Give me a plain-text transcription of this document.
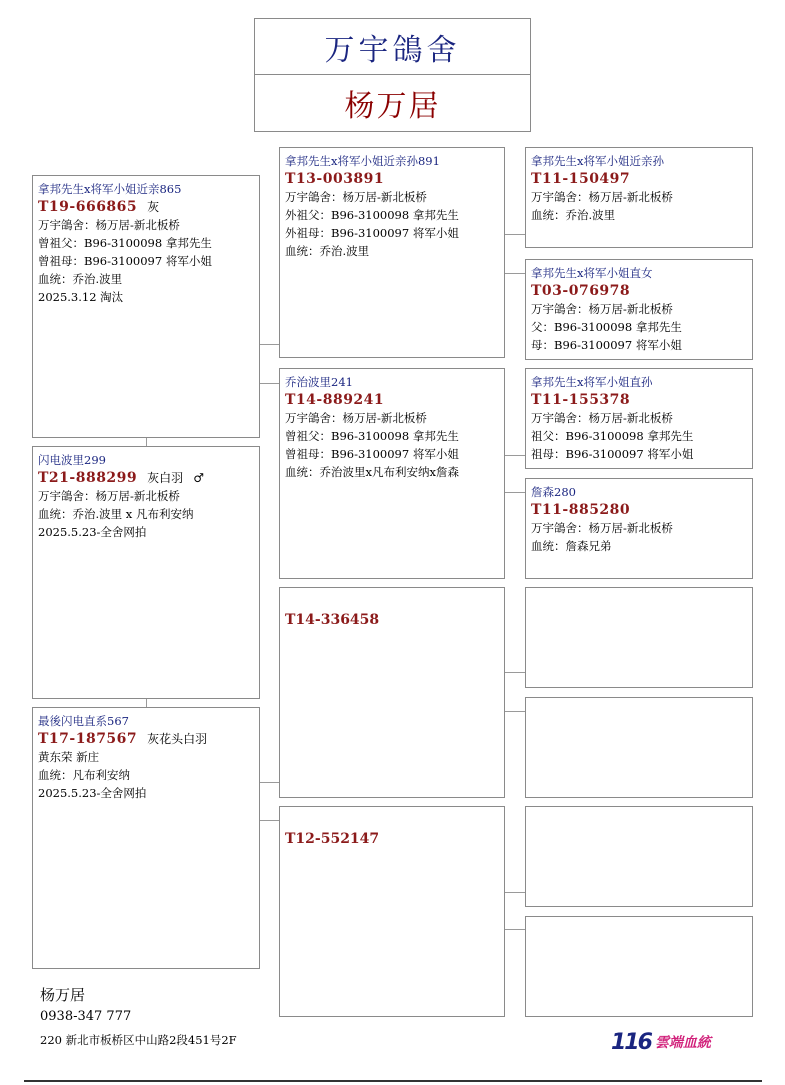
万宇鴿舍
杨万居
拿邦先生x将军小姐近亲865
T19-666865 灰
万宇鴿舍：杨万居-新北板桥
曾祖父：B96-3100098 拿邦先生
曾祖母：B96-3100097 将军小姐
血统：乔治.波里
2025.3.12 淘汰
闪电波里299
T21-888299 灰白羽 ♂
万宇鴿舍：杨万居-新北板桥
血统：乔治.波里 x 凡布利安纳
2025.5.23-全舍网拍
最後闪电直系567
T17-187567 灰花头白羽
黄东荣 新庄
血统：凡布利安纳
2025.5.23-全舍网拍
拿邦先生x将军小姐近亲孙891
T13-003891
万宇鴿舍：杨万居-新北板桥
外祖父：B96-3100098 拿邦先生
外祖母：B96-3100097 将军小姐
血统：乔治.波里
乔治波里241
T14-889241
万宇鴿舍：杨万居-新北板桥
曾祖父：B96-3100098 拿邦先生
曾祖母：B96-3100097 将军小姐
血统：乔治波里x凡布利安纳x詹森
T14-336458
T12-552147
拿邦先生x将军小姐近亲孙
T11-150497
万宇鴿舍：杨万居-新北板桥
血统：乔治.波里
拿邦先生x将军小姐直女
T03-076978
万宇鴿舍：杨万居-新北板桥
父：B96-3100098 拿邦先生
母：B96-3100097 将军小姐
拿邦先生x将军小姐直孙
T11-155378
万宇鴿舍：杨万居-新北板桥
祖父：B96-3100098 拿邦先生
祖母：B96-3100097 将军小姐
詹森280
T11-885280
万宇鴿舍：杨万居-新北板桥
血统：詹森兄弟
杨万居
0938-347 777
220 新北市板桥区中山路2段451号2F	116 雲端血統
